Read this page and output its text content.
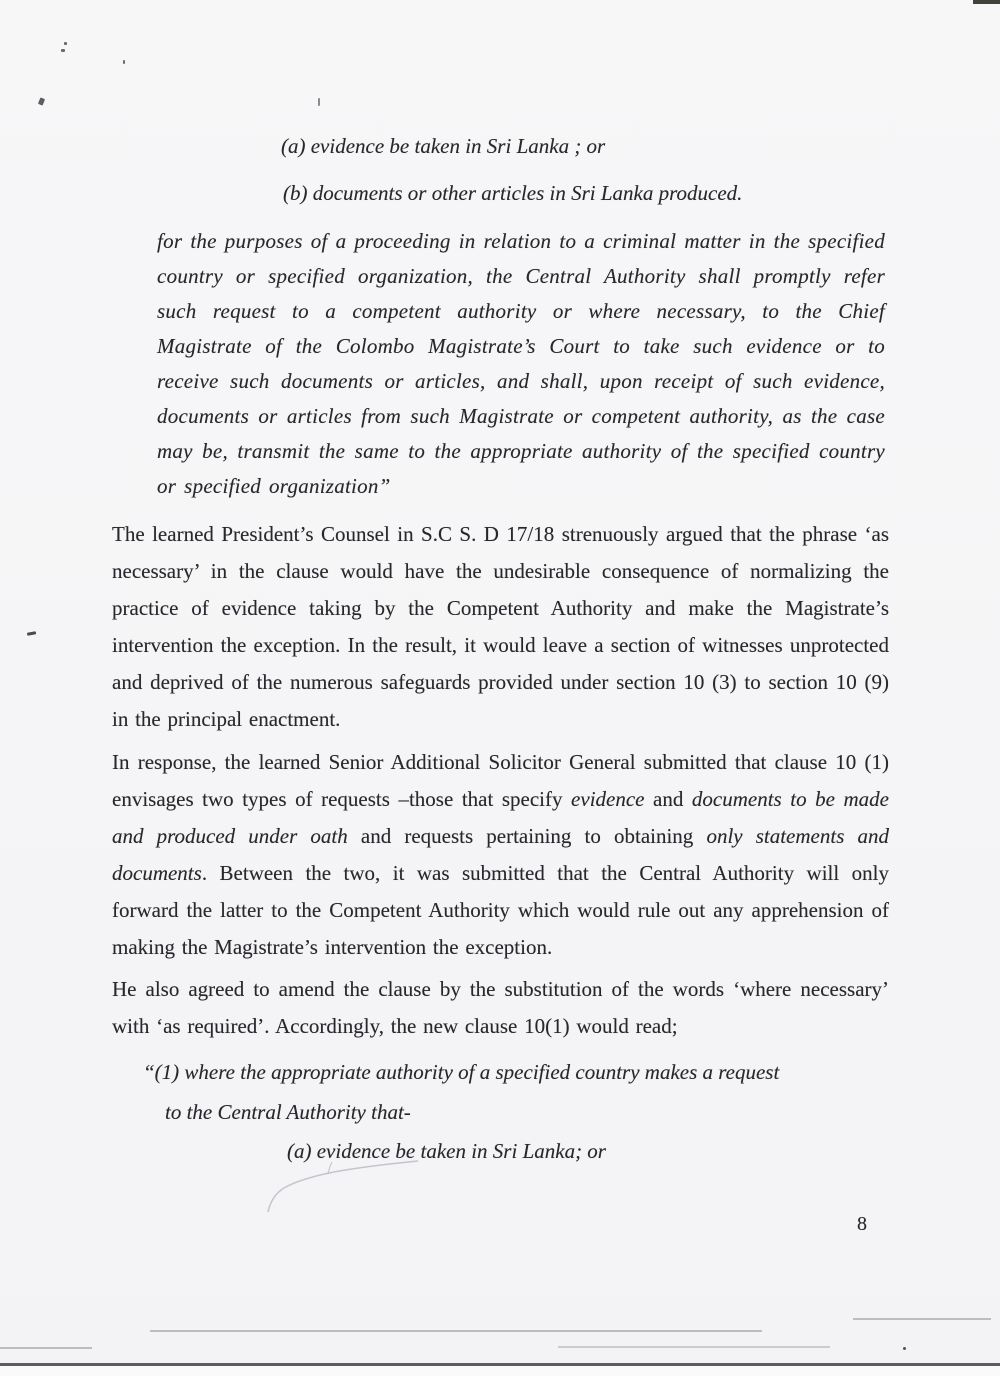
(a) evidence be taken in Sri Lanka ; or
(b) documents or other articles in Sri Lanka produced.

for the purposes of a proceeding in relation to a criminal matter in the specified country or specified organization, the Central Authority shall promptly refer such request to a competent authority or where necessary, to the Chief Magistrate of the Colombo Magistrate’s Court to take such evidence or to receive such documents or articles, and shall, upon receipt of such evidence, documents or articles from such Magistrate or competent authority, as the case may be, transmit the same to the appropriate authority of the specified country or specified organization”

The learned President’s Counsel in S.C S. D 17/18 strenuously argued that the phrase ‘as necessary’ in the clause would have the undesirable consequence of normalizing the practice of evidence taking by the Competent Authority and make the Magistrate’s intervention the exception. In the result, it would leave a section of witnesses unprotected and deprived of the numerous safeguards provided under section 10 (3) to section 10 (9) in the principal enactment.

In response, the learned Senior Additional Solicitor General submitted that clause 10 (1) envisages two types of requests –those that specify evidence and documents to be made and produced under oath and requests pertaining to obtaining only statements and documents. Between the two, it was submitted that the Central Authority will only forward the latter to the Competent Authority which would rule out any apprehension of making the Magistrate’s intervention the exception.

He also agreed to amend the clause by the substitution of the words ‘where necessary’ with ‘as required’. Accordingly, the new clause 10(1) would read;

“(1) where the appropriate authority of a specified country makes a request
to the Central Authority that-
(a) evidence be taken in Sri Lanka; or
8
